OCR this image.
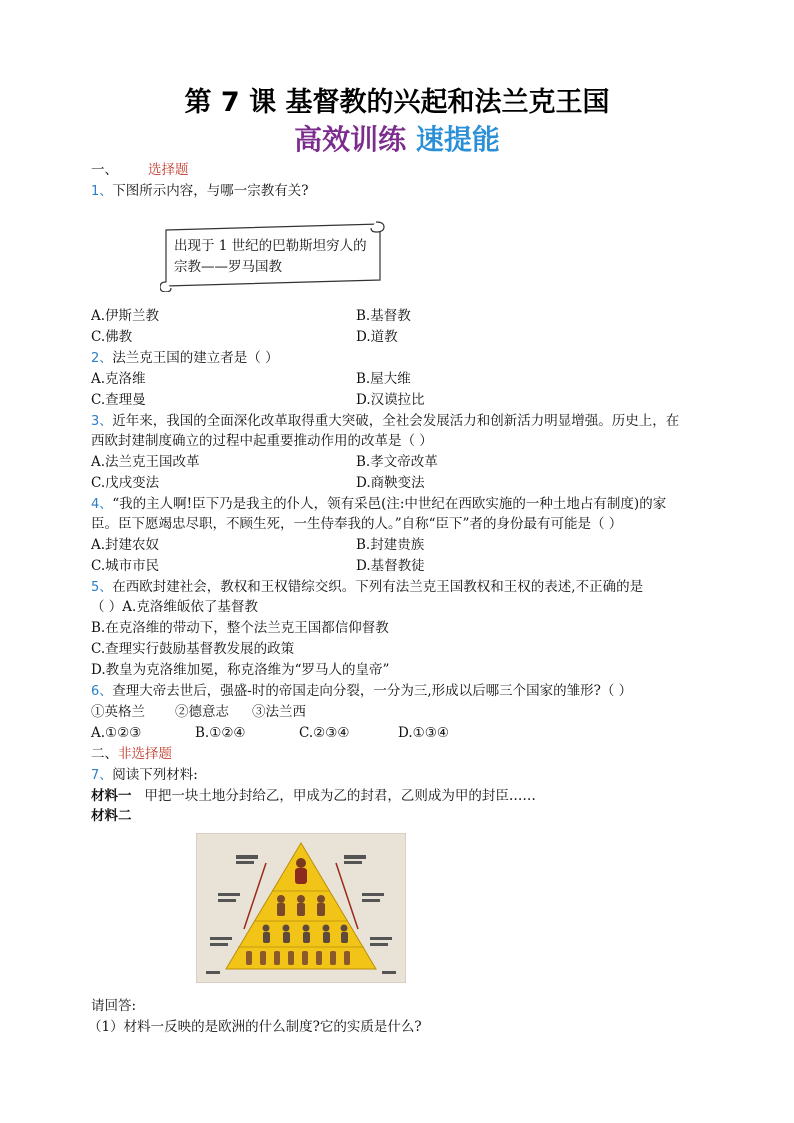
第 7 课 基督教的兴起和法兰克王国
高效训练 速提能
一、 选择题
1、下图所示内容，与哪一宗教有关?
出现于 1 世纪的巴勒斯坦穷人的宗教——罗马国教
A.伊斯兰教	B.基督教
C.佛教	D.道教
2、法兰克王国的建立者是（ ）
A.克洛维	B.屋大维
C.查理曼	D.汉谟拉比
3、近年来，我国的全面深化改革取得重大突破，全社会发展活力和创新活力明显增强。历史上，在
西欧封建制度确立的过程中起重要推动作用的改革是（ ）
A.法兰克王国改革	B.孝文帝改革
C.戊戌变法	D.商鞅变法
4、“我的主人啊!臣下乃是我主的仆人，领有采邑(注:中世纪在西欧实施的一种土地占有制度)的家
臣。臣下愿竭忠尽职，不顾生死，一生侍奉我的人。”自称“臣下”者的身份最有可能是（ ）
A.封建农奴	B.封建贵族
C.城市市民	D.基督教徒
5、在西欧封建社会，教权和王权错综交织。下列有法兰克王国教权和王权的表述,不正确的是
（ ）A.克洛维皈依了基督教
B.在克洛维的带动下，整个法兰克王国都信仰督教
C.查理实行鼓励基督教发展的政策
D.教皇为克洛维加冕，称克洛维为“罗马人的皇帝”
6、查理大帝去世后，强盛-时的帝国走向分裂，一分为三,形成以后哪三个国家的雏形?（ ）
①英格兰 ②德意志 ③法兰西
A.①②③	B.①②④	C.②③④	D.①③④
二、非选择题
7、阅读下列材料:
材料一 甲把一块土地分封给乙，甲成为乙的封君，乙则成为甲的封臣……
材料二
请回答:
（1）材料一反映的是欧洲的什么制度?它的实质是什么?
